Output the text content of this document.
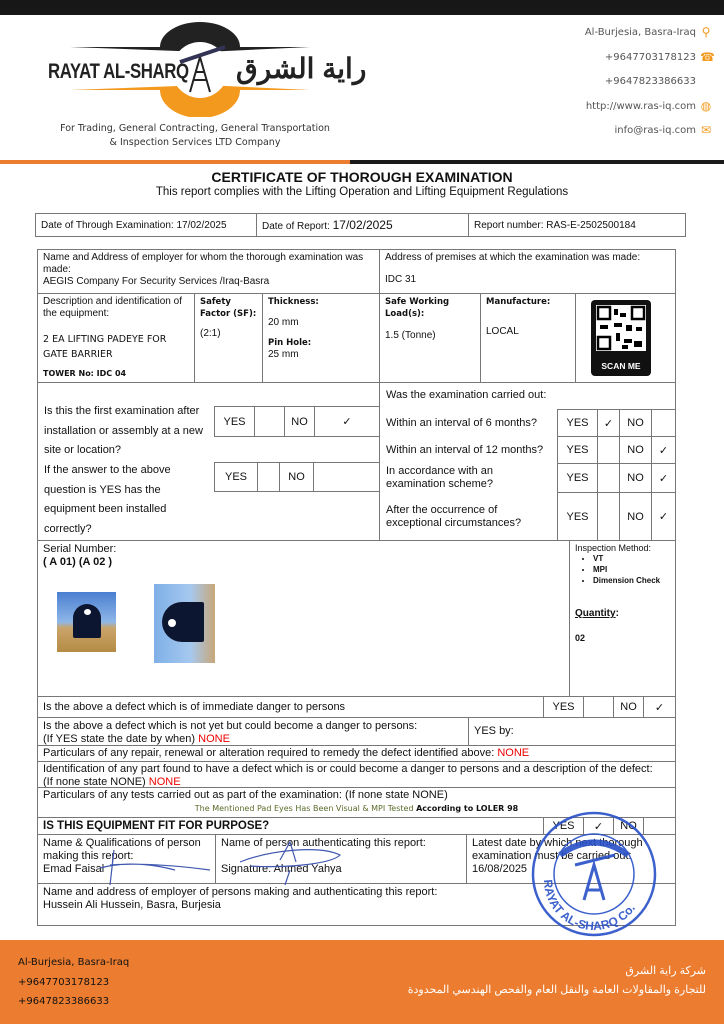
RAYAT AL-SHARQ راية الشرق
For Trading, General Contracting, General Transportation
& Inspection Services LTD Company
Al-Burjesia, Basra-Iraq ⚲
+9647703178123 ☎
+9647823386633
http://www.ras-iq.com ◍
info@ras-iq.com ✉
CERTIFICATE OF THOROUGH EXAMINATION
This report complies with the Lifting Operation and Lifting Equipment Regulations
Date of Through Examination: 17/02/2025	Date of Report: 17/02/2025	Report number: RAS-E-2502500184
Name and Address of employer for whom the thorough examination was made:
AEGIS Company For Security Services /Iraq-Basra
Address of premises at which the examination was made:
IDC 31
Description and identification of the equipment:
2 EA LIFTING PADEYE FOR
GATE BARRIER
TOWER No: IDC 04
Safety Factor (SF):
(2:1)
Thickness:
20 mm
Pin Hole:
25 mm
Safe Working Load(s):
1.5 (Tonne)
Manufacture:
LOCAL
SCAN ME
Is this the first examination after installation or assembly at a new site or location?
YES	NO	✓
If the answer to the above question is YES has the equipment been installed correctly?
YES	NO
Was the examination carried out:
Within an interval of 6 months?	YES	✓	NO
Within an interval of 12 months?	YES	NO	✓
In accordance with an examination scheme?	YES	NO	✓
After the occurrence of exceptional circumstances?	YES	NO	✓
Serial Number:
( A 01) (A 02 )
Inspection Method:
• VT
• MPI
• Dimension Check
Quantity:
02
Is the above a defect which is of immediate danger to persons	YES	NO	✓
Is the above a defect which is not yet but could become a danger to persons:
(If YES state the date by when) NONE
YES by:
Particulars of any repair, renewal or alteration required to remedy the defect identified above: NONE
Identification of any part found to have a defect which is or could become a danger to persons and a description of the defect:
(If none state NONE) NONE
Particulars of any tests carried out as part of the examination: (If none state NONE)
The Mentioned Pad Eyes Has Been Visual & MPI Tested According to LOLER 98
IS THIS EQUIPMENT FIT FOR PURPOSE?	YES	✓	NO
Name & Qualifications of person making this report:
Emad Faisal
Name of person authenticating this report:
Signature: Ahmed Yahya
Latest date by which next thorough examination must be carried out:
16/08/2025
Name and address of employer of persons making and authenticating this report:
Hussein Ali Hussein, Basra, Burjesia
RAYAT AL-SHARQ Co.
Al-Burjesia, Basra-Iraq
+9647703178123
+9647823386633
شركة راية الشرق
للتجارة والمقاولات العامة والنقل العام والفحص الهندسي المحدودة
